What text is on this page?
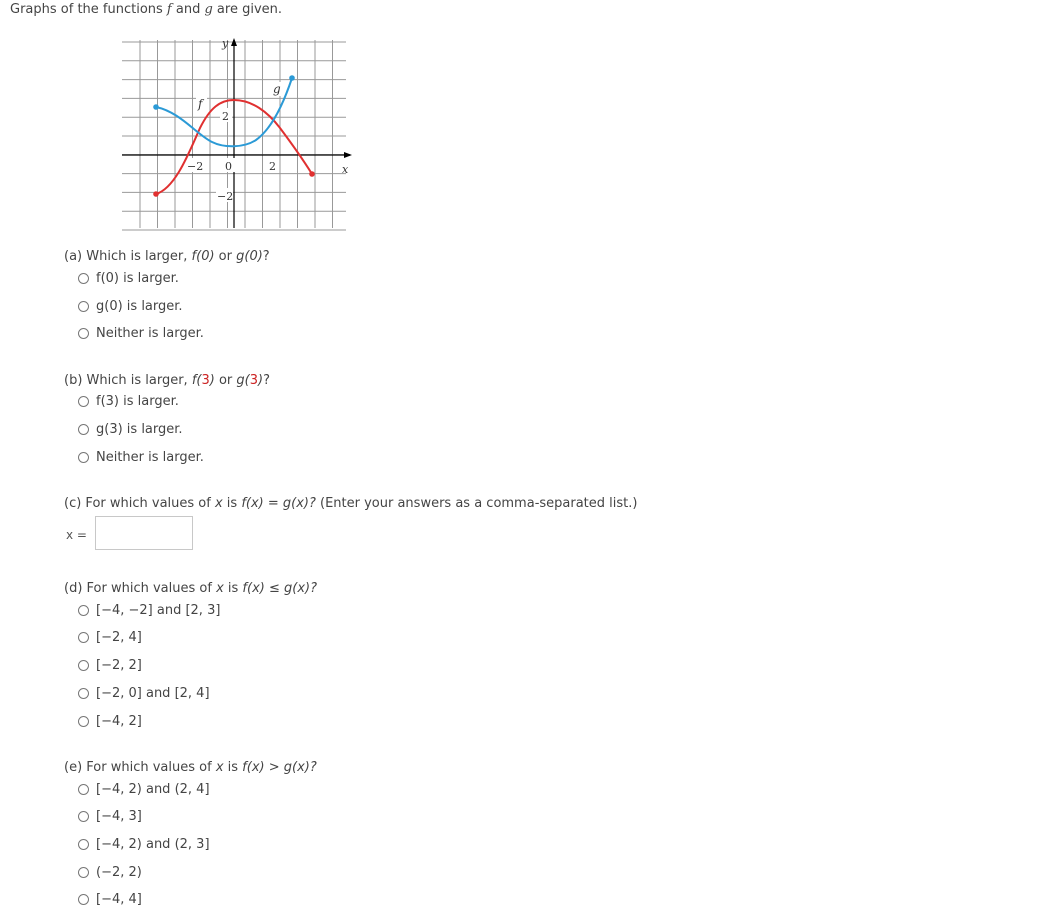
Graphs of the functions f and g are given.
y
x
−2 0	2
2
−2
f
g
(a) Which is larger, f(0) or g(0)?
f(0) is larger.
g(0) is larger.
Neither is larger.
(b) Which is larger, f(3) or g(3)?
f(3) is larger.
g(3) is larger.
Neither is larger.
(c) For which values of x is f(x) = g(x)? (Enter your answers as a comma-separated list.)
x =
(d) For which values of x is f(x) ≤ g(x)?
[−4, −2] and [2, 3]
[−2, 4]
[−2, 2]
[−2, 0] and [2, 4]
[−4, 2]
(e) For which values of x is f(x) > g(x)?
[−4, 2) and (2, 4]
[−4, 3]
[−4, 2) and (2, 3]
(−2, 2)
[−4, 4]
